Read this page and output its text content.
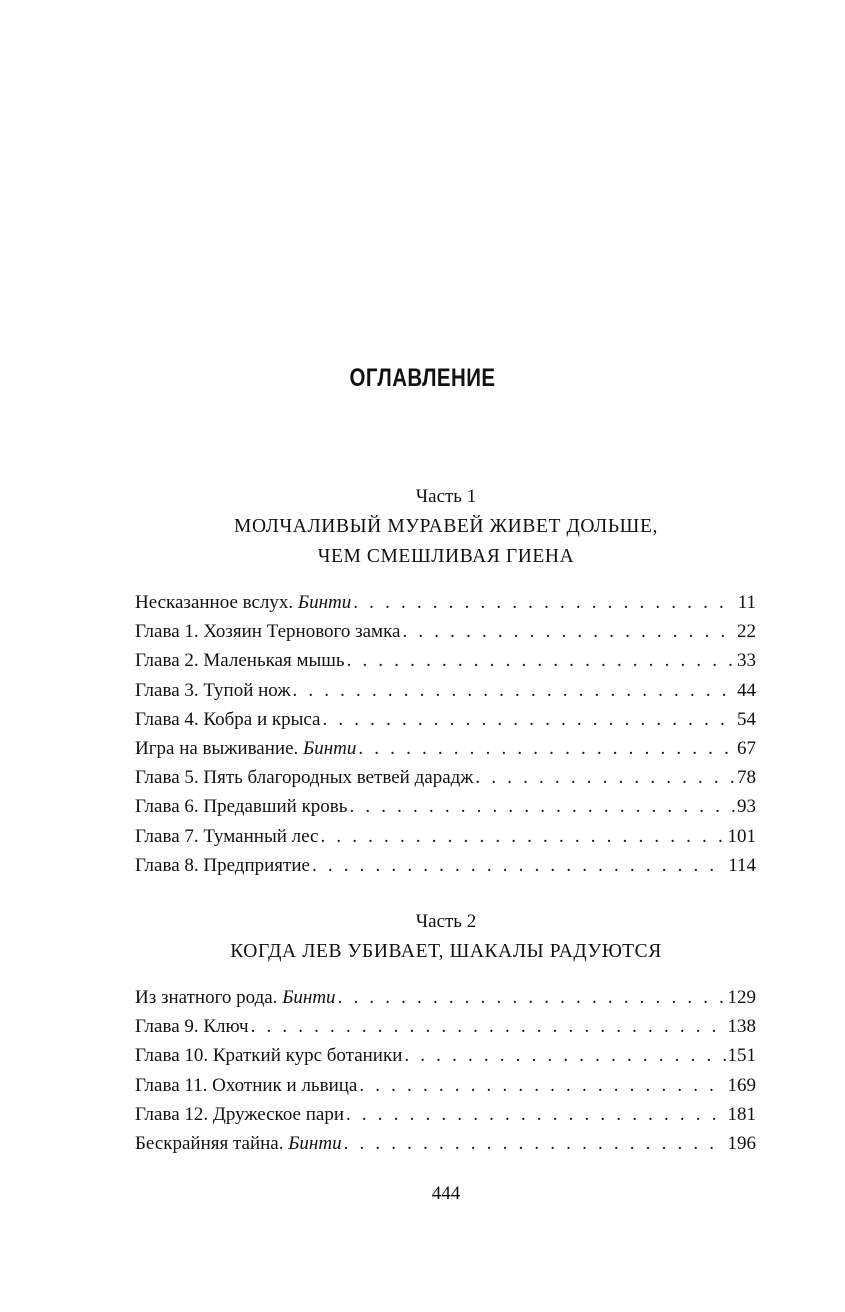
ОГЛАВЛЕНИЕ
Часть 1
МОЛЧАЛИВЫЙ МУРАВЕЙ ЖИВЕТ ДОЛЬШЕ,
ЧЕМ СМЕШЛИВАЯ ГИЕНА
Несказанное вслух. Бинти . . .	11
Глава 1. Хозяин Тернового замка . . .	22
Глава 2. Маленькая мышь . . .	33
Глава 3. Тупой нож . . .	44
Глава 4. Кобра и крыса . . .	54
Игра на выживание. Бинти . . .	67
Глава 5. Пять благородных ветвей дарадж . . .	78
Глава 6. Предавший кровь . . .	93
Глава 7. Туманный лес . . .	101
Глава 8. Предприятие . . .	114
Часть 2
КОГДА ЛЕВ УБИВАЕТ, ШАКАЛЫ РАДУЮТСЯ
Из знатного рода. Бинти . . .	129
Глава 9. Ключ . . .	138
Глава 10. Краткий курс ботаники . . .	151
Глава 11. Охотник и львица . . .	169
Глава 12. Дружеское пари . . .	181
Бескрайняя тайна. Бинти . . .	196
444
